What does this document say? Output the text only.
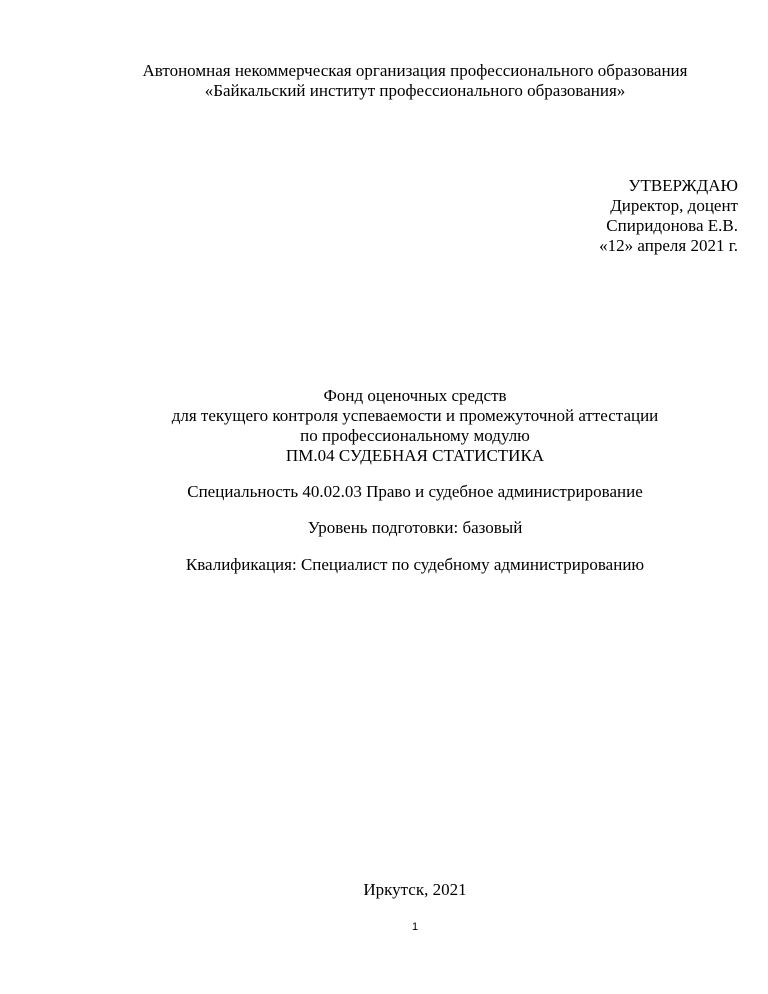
Автономная некоммерческая организация профессионального образования
«Байкальский институт профессионального образования»
УТВЕРЖДАЮ
Директор, доцент
Спиридонова Е.В.
«12» апреля 2021 г.
Фонд оценочных средств
для текущего контроля успеваемости и промежуточной аттестации
по профессиональному модулю
ПМ.04 СУДЕБНАЯ СТАТИСТИКА
Специальность 40.02.03 Право и судебное администрирование
Уровень подготовки: базовый
Квалификация: Специалист по судебному администрированию
Иркутск, 2021
1
